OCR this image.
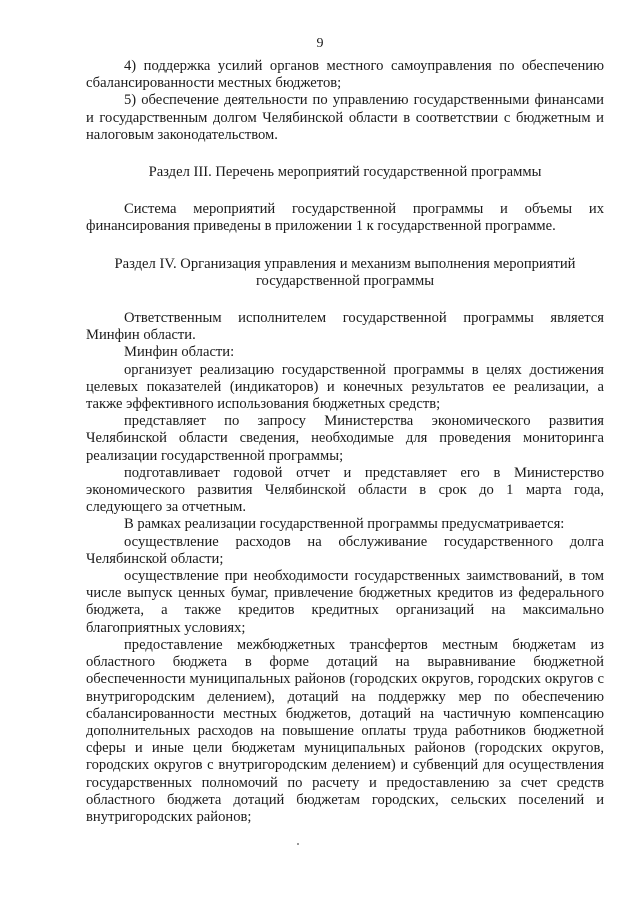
9

4) поддержка усилий органов местного самоуправления по обеспечению сбалансированности местных бюджетов;

5) обеспечение деятельности по управлению государственными финансами и государственным долгом Челябинской области в соответствии с бюджетным и налоговым законодательством.

Раздел III. Перечень мероприятий государственной программы

Система мероприятий государственной программы и объемы их финансирования приведены в приложении 1 к государственной программе.

Раздел IV. Организация управления и механизм выполнения мероприятий государственной программы

Ответственным исполнителем государственной программы является Минфин области.

Минфин области:

организует реализацию государственной программы в целях достижения целевых показателей (индикаторов) и конечных результатов ее реализации, а также эффективного использования бюджетных средств;

представляет по запросу Министерства экономического развития Челябинской области сведения, необходимые для проведения мониторинга реализации государственной программы;

подготавливает годовой отчет и представляет его в Министерство экономического развития Челябинской области в срок до 1 марта года, следующего за отчетным.

В рамках реализации государственной программы предусматривается:

осуществление расходов на обслуживание государственного долга Челябинской области;

осуществление при необходимости государственных заимствований, в том числе выпуск ценных бумаг, привлечение бюджетных кредитов из федерального бюджета, а также кредитов кредитных организаций на максимально благоприятных условиях;

предоставление межбюджетных трансфертов местным бюджетам из областного бюджета в форме дотаций на выравнивание бюджетной обеспеченности муниципальных районов (городских округов, городских округов с внутригородским делением), дотаций на поддержку мер по обеспечению сбалансированности местных бюджетов, дотаций на частичную компенсацию дополнительных расходов на повышение оплаты труда работников бюджетной сферы и иные цели бюджетам муниципальных районов (городских округов, городских округов с внутригородским делением) и субвенций для осуществления государственных полномочий по расчету и предоставлению за счет средств областного бюджета дотаций бюджетам городских, сельских поселений и внутригородских районов;
